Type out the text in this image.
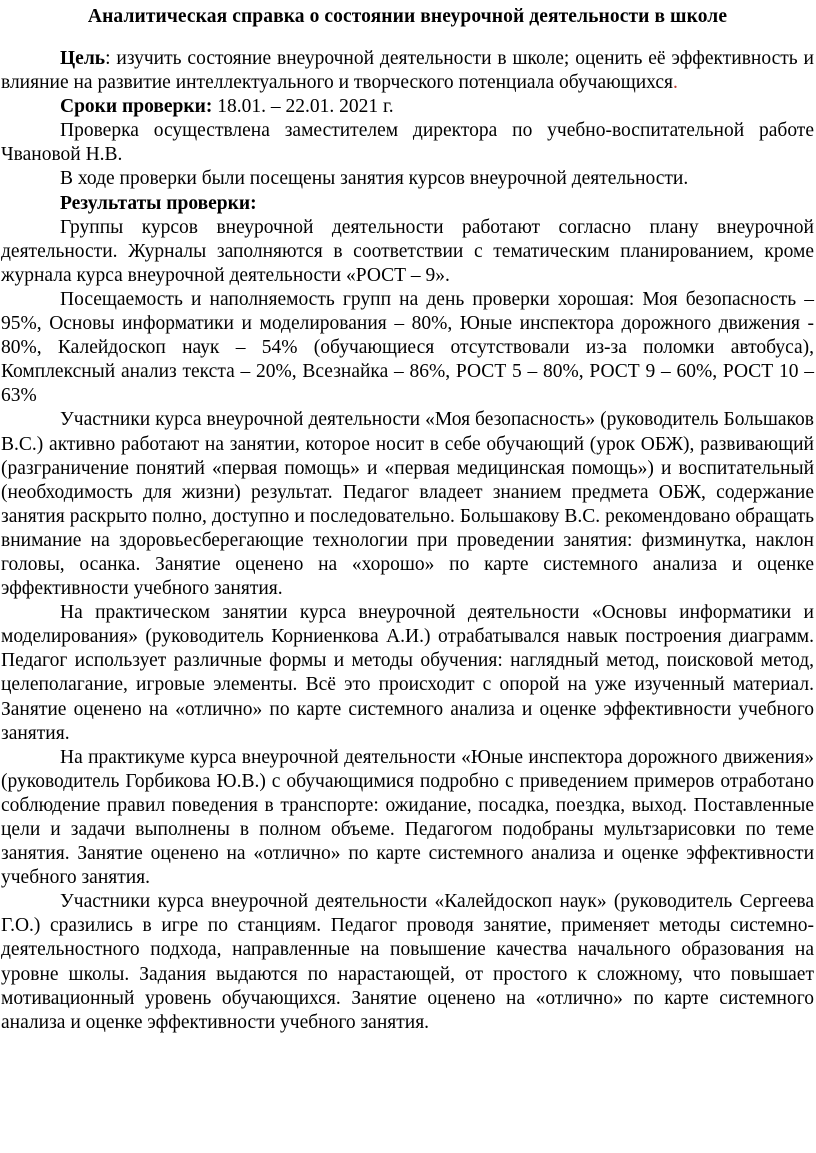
Аналитическая справка о состоянии внеурочной деятельности в школе

Цель: изучить состояние внеурочной деятельности в школе; оценить её эффективность и влияние на развитие интеллектуального и творческого потенциала обучающихся.

Сроки проверки: 18.01. – 22.01. 2021 г.

Проверка осуществлена заместителем директора по учебно-воспитательной работе Чвановой Н.В.

В ходе проверки были посещены занятия курсов внеурочной деятельности.

Результаты проверки:

Группы курсов внеурочной деятельности работают согласно плану внеурочной деятельности. Журналы заполняются в соответствии с тематическим планированием, кроме журнала курса внеурочной деятельности «РОСТ – 9».

Посещаемость и наполняемость групп на день проверки хорошая: Моя безопасность – 95%, Основы информатики и моделирования – 80%, Юные инспектора дорожного движения - 80%, Калейдоскоп наук – 54% (обучающиеся отсутствовали из-за поломки автобуса), Комплексный анализ текста – 20%, Всезнайка – 86%, РОСТ 5 – 80%, РОСТ 9 – 60%, РОСТ 10 – 63%

Участники курса внеурочной деятельности «Моя безопасность» (руководитель Большаков В.С.) активно работают на занятии, которое носит в себе обучающий (урок ОБЖ), развивающий (разграничение понятий «первая помощь» и «первая медицинская помощь») и воспитательный (необходимость для жизни) результат. Педагог владеет знанием предмета ОБЖ, содержание занятия раскрыто полно, доступно и последовательно. Большакову В.С. рекомендовано обращать внимание на здоровьесберегающие технологии при проведении занятия: физминутка, наклон головы, осанка. Занятие оценено на «хорошо» по карте системного анализа и оценке эффективности учебного занятия.

На практическом занятии курса внеурочной деятельности «Основы информатики и моделирования» (руководитель Корниенкова А.И.) отрабатывался навык построения диаграмм. Педагог использует различные формы и методы обучения: наглядный метод, поисковой метод, целеполагание, игровые элементы. Всё это происходит с опорой на уже изученный материал. Занятие оценено на «отлично» по карте системного анализа и оценке эффективности учебного занятия.

На практикуме курса внеурочной деятельности «Юные инспектора дорожного движения» (руководитель Горбикова Ю.В.) с обучающимися подробно с приведением примеров отработано соблюдение правил поведения в транспорте: ожидание, посадка, поездка, выход. Поставленные цели и задачи выполнены в полном объеме. Педагогом подобраны мультзарисовки по теме занятия. Занятие оценено на «отлично» по карте системного анализа и оценке эффективности учебного занятия.

Участники курса внеурочной деятельности «Калейдоскоп наук» (руководитель Сергеева Г.О.) сразились в игре по станциям. Педагог проводя занятие, применяет методы системно-деятельностного подхода, направленные на повышение качества начального образования на уровне школы. Задания выдаются по нарастающей, от простого к сложному, что повышает мотивационный уровень обучающихся. Занятие оценено на «отлично» по карте системного анализа и оценке эффективности учебного занятия.
